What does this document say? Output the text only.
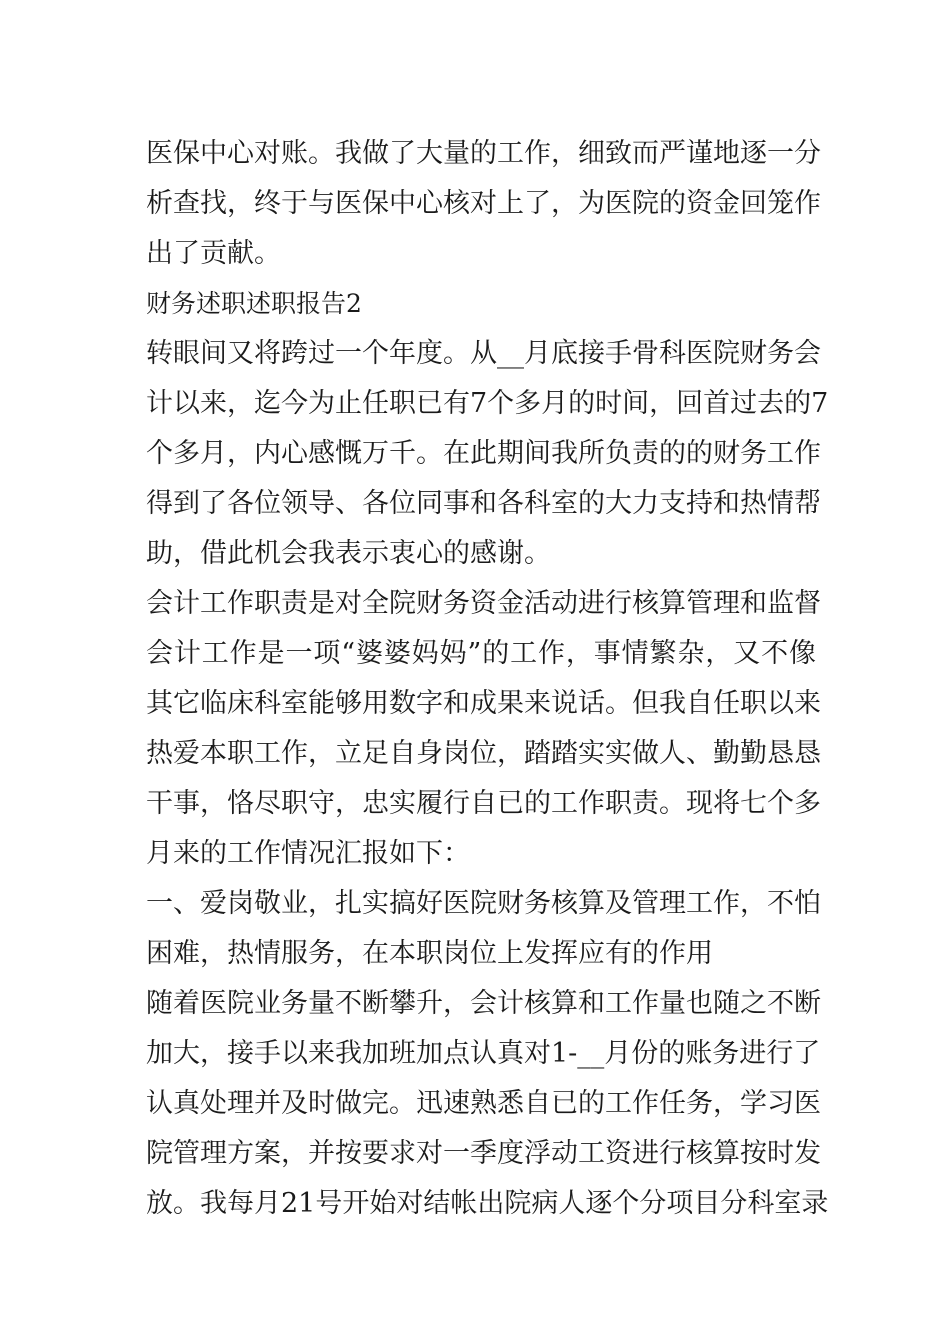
医保中心对账。我做了大量的工作，细致而严谨地逐一分
析查找，终于与医保中心核对上了，为医院的资金回笼作
出了贡献。
财务述职述职报告2
转眼间又将跨过一个年度。从__月底接手骨科医院财务会
计以来，迄今为止任职已有7个多月的时间，回首过去的7
个多月，内心感慨万千。在此期间我所负责的的财务工作
得到了各位领导、各位同事和各科室的大力支持和热情帮
助，借此机会我表示衷心的感谢。
会计工作职责是对全院财务资金活动进行核算管理和监督
会计工作是一项“婆婆妈妈”的工作，事情繁杂，又不像
其它临床科室能够用数字和成果来说话。但我自任职以来
热爱本职工作，立足自身岗位，踏踏实实做人、勤勤恳恳
干事，恪尽职守，忠实履行自已的工作职责。现将七个多
月来的工作情况汇报如下：
一、爱岗敬业，扎实搞好医院财务核算及管理工作，不怕
困难，热情服务，在本职岗位上发挥应有的作用
随着医院业务量不断攀升，会计核算和工作量也随之不断
加大，接手以来我加班加点认真对1-__月份的账务进行了
认真处理并及时做完。迅速熟悉自已的工作任务，学习医
院管理方案，并按要求对一季度浮动工资进行核算按时发
放。我每月21号开始对结帐出院病人逐个分项目分科室录
